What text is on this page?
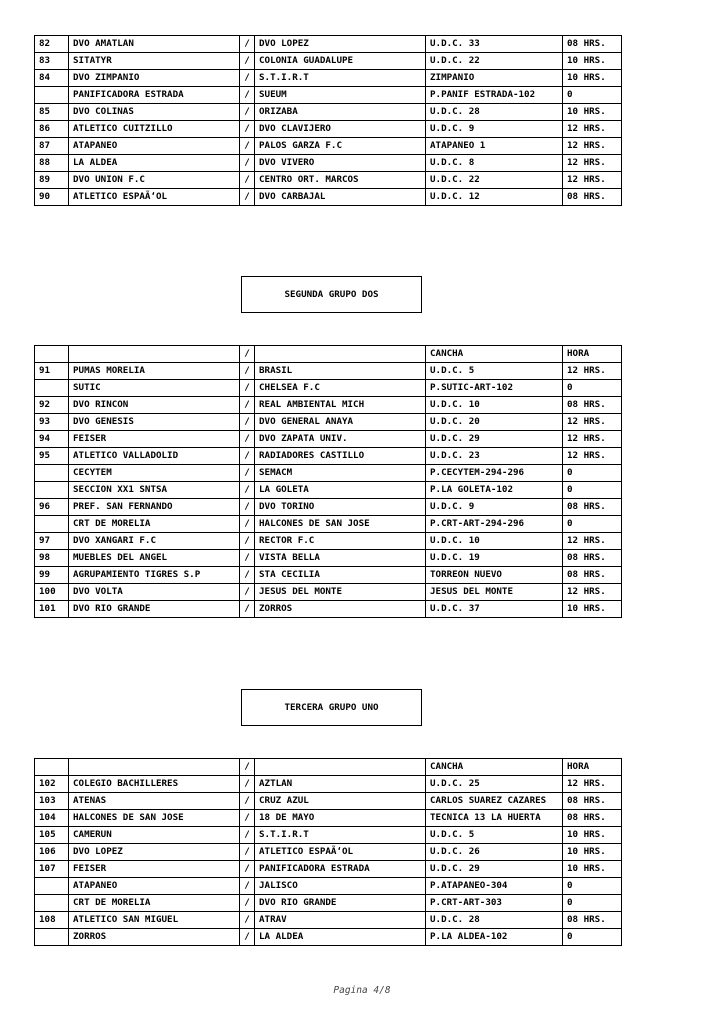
82	DVO AMATLAN	/	DVO LOPEZ	U.D.C. 33	08 HRS.
83	SITATYR	/	COLONIA GUADALUPE	U.D.C. 22	10 HRS.
84	DVO ZIMPANIO	/	S.T.I.R.T	ZIMPANIO	10 HRS.
	PANIFICADORA ESTRADA	/	SUEUM	P.PANIF ESTRADA-102	0
85	DVO COLINAS	/	ORIZABA	U.D.C. 28	10 HRS.
86	ATLETICO CUITZILLO	/	DVO CLAVIJERO	U.D.C. 9	12 HRS.
87	ATAPANEO	/	PALOS GARZA F.C	ATAPANEO 1	12 HRS.
88	LA ALDEA	/	DVO VIVERO	U.D.C. 8	12 HRS.
89	DVO UNION F.C	/	CENTRO ORT. MARCOS	U.D.C. 22	12 HRS.
90	ATLETICO ESPAÃ‘OL	/	DVO CARBAJAL	U.D.C. 12	08 HRS.
SEGUNDA GRUPO DOS
		/		CANCHA	HORA
91	PUMAS MORELIA	/	BRASIL	U.D.C. 5	12 HRS.
	SUTIC	/	CHELSEA F.C	P.SUTIC-ART-102	0
92	DVO RINCON	/	REAL AMBIENTAL MICH	U.D.C. 10	08 HRS.
93	DVO GENESIS	/	DVO GENERAL ANAYA	U.D.C. 20	12 HRS.
94	FEISER	/	DVO ZAPATA UNIV.	U.D.C. 29	12 HRS.
95	ATLETICO VALLADOLID	/	RADIADORES CASTILLO	U.D.C. 23	12 HRS.
	CECYTEM	/	SEMACM	P.CECYTEM-294-296	0
	SECCION XX1 SNTSA	/	LA GOLETA	P.LA GOLETA-102	0
96	PREF. SAN FERNANDO	/	DVO TORINO	U.D.C. 9	08 HRS.
	CRT DE MORELIA	/	HALCONES DE SAN JOSE	P.CRT-ART-294-296	0
97	DVO XANGARI F.C	/	RECTOR F.C	U.D.C. 10	12 HRS.
98	MUEBLES DEL ANGEL	/	VISTA BELLA	U.D.C. 19	08 HRS.
99	AGRUPAMIENTO TIGRES S.P	/	STA CECILIA	TORREON NUEVO	08 HRS.
100	DVO VOLTA	/	JESUS DEL MONTE	JESUS DEL MONTE	12 HRS.
101	DVO RIO GRANDE	/	ZORROS	U.D.C. 37	10 HRS.
TERCERA GRUPO UNO
		/		CANCHA	HORA
102	COLEGIO BACHILLERES	/	AZTLAN	U.D.C. 25	12 HRS.
103	ATENAS	/	CRUZ AZUL	CARLOS SUAREZ CAZARES	08 HRS.
104	HALCONES DE SAN JOSE	/	18 DE MAYO	TECNICA 13 LA HUERTA	08 HRS.
105	CAMERUN	/	S.T.I.R.T	U.D.C. 5	10 HRS.
106	DVO LOPEZ	/	ATLETICO ESPAÃ‘OL	U.D.C. 26	10 HRS.
107	FEISER	/	PANIFICADORA ESTRADA	U.D.C. 29	10 HRS.
	ATAPANEO	/	JALISCO	P.ATAPANEO-304	0
	CRT DE MORELIA	/	DVO RIO GRANDE	P.CRT-ART-303	0
108	ATLETICO SAN MIGUEL	/	ATRAV	U.D.C. 28	08 HRS.
	ZORROS	/	LA ALDEA	P.LA ALDEA-102	0
Pagina 4/8
